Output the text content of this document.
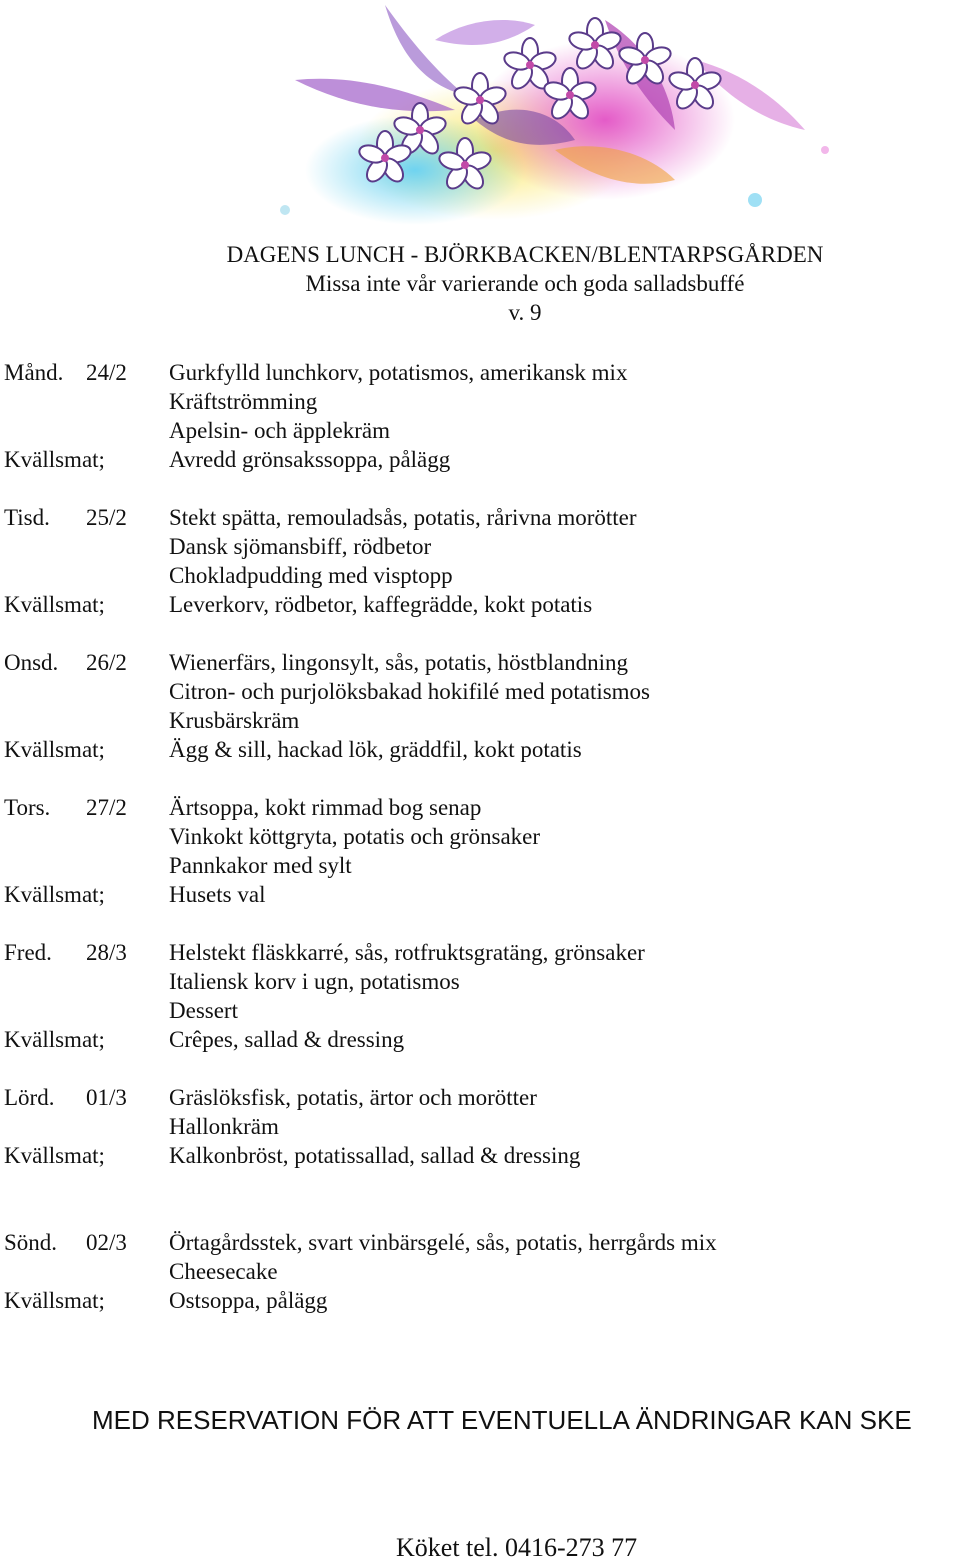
DAGENS LUNCH - BJÖRKBACKEN/BLENTARPSGÅRDEN
Missa inte vår varierande och goda salladsbuffé
v. 9
Månd. 24/2 Gurkfylld lunchkorv, potatismos, amerikansk mix
Kräftströmming
Apelsin- och äpplekräm
Kvällsmat;	Avredd grönsakssoppa, pålägg
Tisd. 25/2 Stekt spätta, remouladsås, potatis, rårivna morötter
Dansk sjömansbiff, rödbetor
Chokladpudding med visptopp
Kvällsmat;	Leverkorv, rödbetor, kaffegrädde, kokt potatis
Onsd. 26/2 Wienerfärs, lingonsylt, sås, potatis, höstblandning
Citron- och purjolöksbakad hokifilé med potatismos
Krusbärskräm
Kvällsmat;	Ägg & sill, hackad lök, gräddfil, kokt potatis
Tors. 27/2 Ärtsoppa, kokt rimmad bog senap
Vinkokt köttgryta, potatis och grönsaker
Pannkakor med sylt
Kvällsmat;	Husets val
Fred. 28/3 Helstekt fläskkarré, sås, rotfruktsgratäng, grönsaker
Italiensk korv i ugn, potatismos
Dessert
Kvällsmat;	Crêpes, sallad & dressing
Lörd. 01/3 Gräslöksfisk, potatis, ärtor och morötter
Hallonkräm
Kvällsmat;	Kalkonbröst, potatissallad, sallad & dressing
Sönd. 02/3 Örtagårdsstek, svart vinbärsgelé, sås, potatis, herrgårds mix
Cheesecake
Kvällsmat;	Ostsoppa, pålägg
MED RESERVATION FÖR ATT EVENTUELLA ÄNDRINGAR KAN SKE
Köket tel. 0416-273 77
